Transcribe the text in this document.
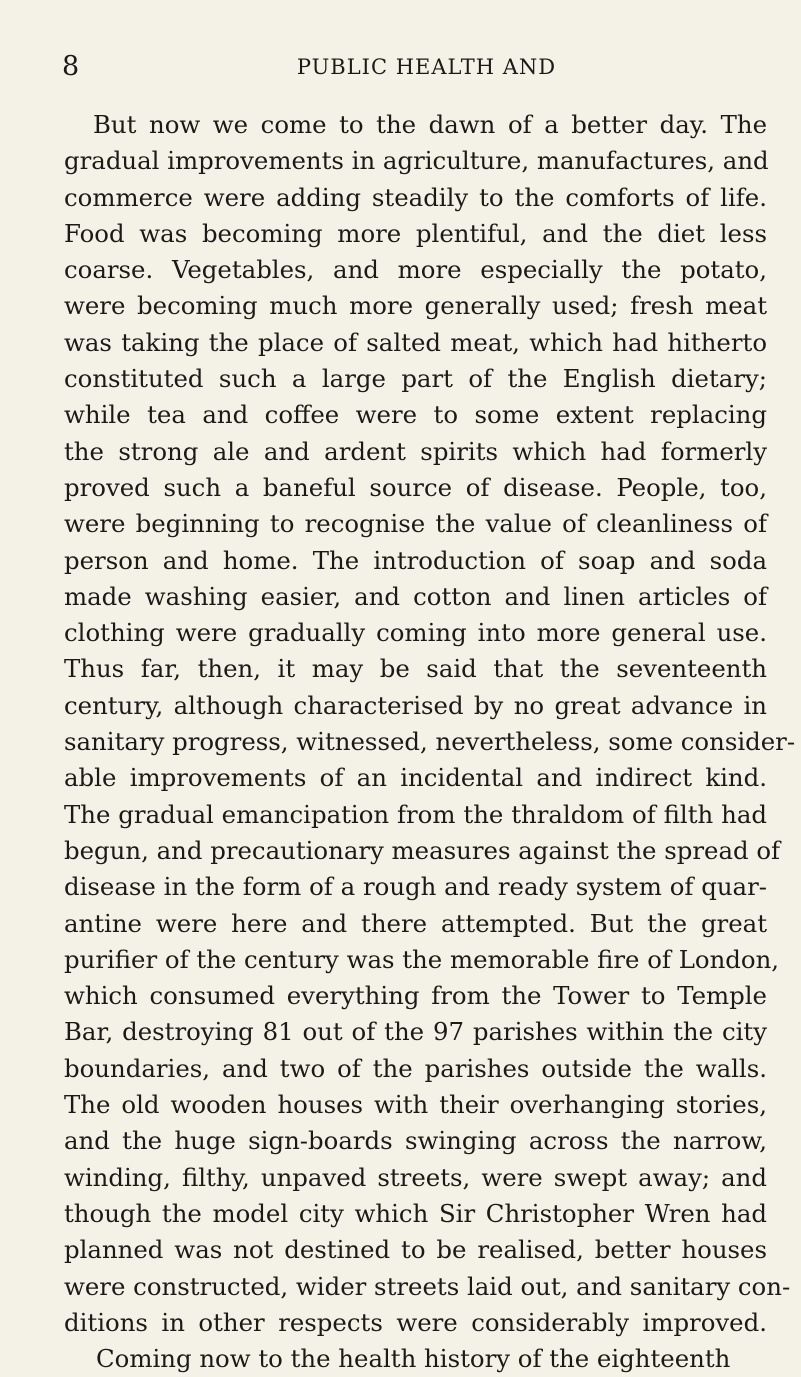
8	PUBLIC HEALTH AND
But now we come to the dawn of a better day. The
gradual improvements in agriculture, manufactures, and
commerce were adding steadily to the comforts of life.
Food was becoming more plentiful, and the diet less
coarse. Vegetables, and more especially the potato,
were becoming much more generally used; fresh meat
was taking the place of salted meat, which had hitherto
constituted such a large part of the English dietary;
while tea and coffee were to some extent replacing
the strong ale and ardent spirits which had formerly
proved such a baneful source of disease. People, too,
were beginning to recognise the value of cleanliness of
person and home. The introduction of soap and soda
made washing easier, and cotton and linen articles of
clothing were gradually coming into more general use.
Thus far, then, it may be said that the seventeenth
century, although characterised by no great advance in
sanitary progress, witnessed, nevertheless, some consider-
able improvements of an incidental and indirect kind.
The gradual emancipation from the thraldom of filth had
begun, and precautionary measures against the spread of
disease in the form of a rough and ready system of quar-
antine were here and there attempted. But the great
purifier of the century was the memorable fire of London,
which consumed everything from the Tower to Temple
Bar, destroying 81 out of the 97 parishes within the city
boundaries, and two of the parishes outside the walls.
The old wooden houses with their overhanging stories,
and the huge sign-boards swinging across the narrow,
winding, filthy, unpaved streets, were swept away; and
though the model city which Sir Christopher Wren had
planned was not destined to be realised, better houses
were constructed, wider streets laid out, and sanitary con-
ditions in other respects were considerably improved.
Coming now to the health history of the eighteenth
